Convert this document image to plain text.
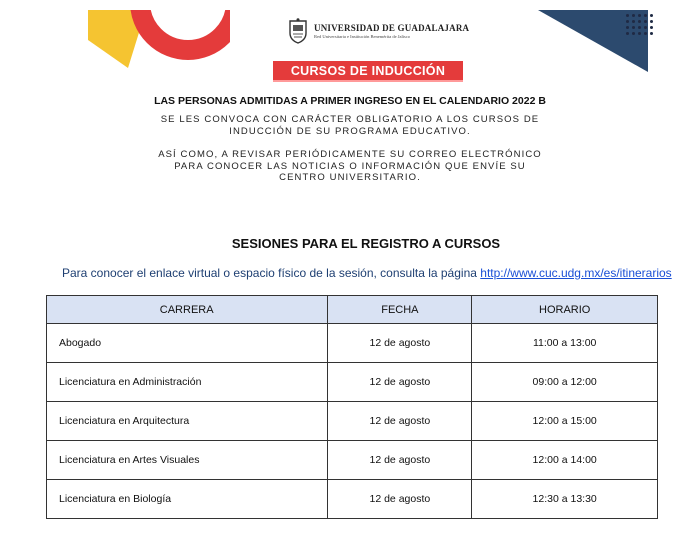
UNIVERSIDAD DE GUADALAJARA
Red Universitaria e Institución Benemérita de Jalisco
CURSOS DE INDUCCIÓN
LAS PERSONAS ADMITIDAS A PRIMER INGRESO EN EL CALENDARIO 2022 B
SE LES CONVOCA CON CARÁCTER OBLIGATORIO A LOS CURSOS DE INDUCCIÓN DE SU PROGRAMA EDUCATIVO.
ASÍ COMO, A REVISAR PERIÓDICAMENTE SU CORREO ELECTRÓNICO PARA CONOCER LAS NOTICIAS O INFORMACIÓN QUE ENVÍE SU CENTRO UNIVERSITARIO.
SESIONES PARA EL REGISTRO A CURSOS
Para conocer el enlace virtual o espacio físico de la sesión, consulta la página http://www.cuc.udg.mx/es/itinerarios
CARRERA	FECHA	HORARIO
Abogado	12 de agosto	11:00 a 13:00
Licenciatura en Administración	12 de agosto	09:00 a 12:00
Licenciatura en Arquitectura	12 de agosto	12:00 a 15:00
Licenciatura en Artes Visuales	12 de agosto	12:00 a 14:00
Licenciatura en Biología	12 de agosto	12:30 a 13:30
